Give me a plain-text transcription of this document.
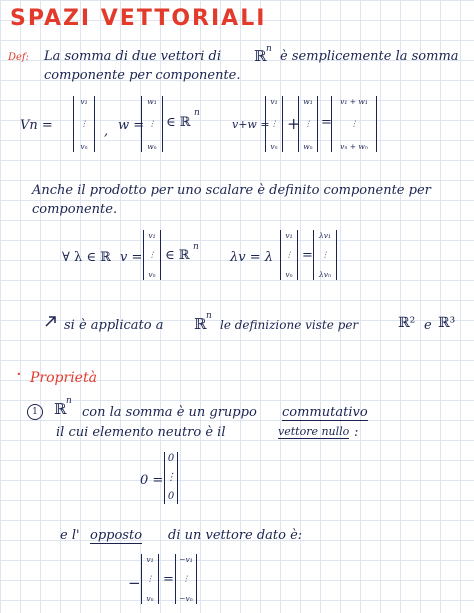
SPAZI VETTORIALI
Def: La somma di due vettori di ℝ n è semplicemente la somma
componente per componente.
Vn =
v₁
⋮
vₙ
, w =
w₁
⋮
wₙ
∈ ℝ
n
v+w =
v₁
⋮
vₙ
+
w₁
⋮
wₙ
=
v₁ + w₁
⋮
vₙ + wₙ
Anche il prodotto per uno scalare è definito componente per
componente.
∀ λ ∈ ℝ v =
v₁
⋮
vₙ
∈ ℝ
n
λv = λ
v₁
⋮
vₙ
=
λv₁
⋮
λvₙ
si è applicato a ℝ n
le definizione viste per	ℝ² e ℝ³
· Proprietà
1	ℝ n
con la somma è un gruppo commutativo
il cui elemento neutro è il	vettore nullo :
0 =
0
⋮
0
e l' opposto di un vettore dato è:
−
v₁
⋮
vₙ
=
−v₁
⋮
−vₙ
